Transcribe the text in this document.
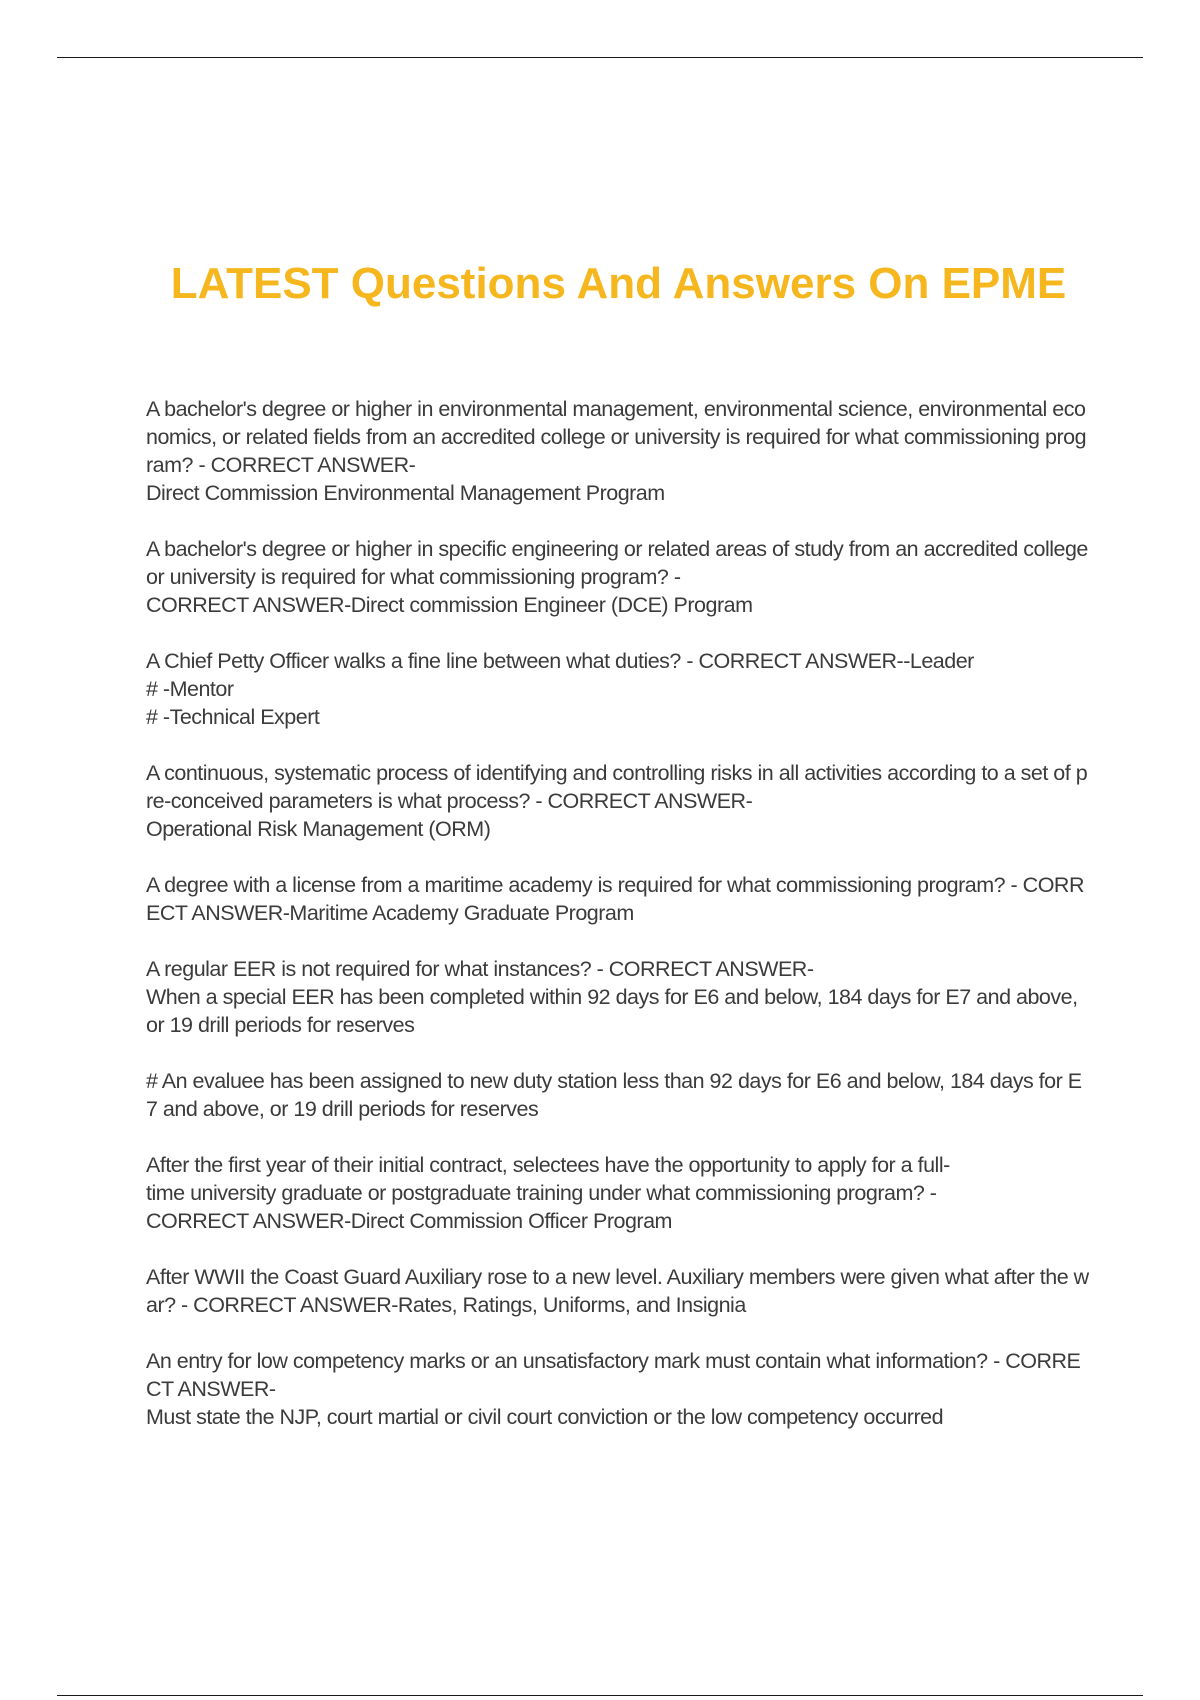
LATEST Questions And Answers On EPME

A bachelor's degree or higher in environmental management, environmental science, environmental economics, or related fields from an accredited college or university is required for what commissioning program? - CORRECT ANSWER-
Direct Commission Environmental Management Program

A bachelor's degree or higher in specific engineering or related areas of study from an accredited college or university is required for what commissioning program? -
CORRECT ANSWER-Direct commission Engineer (DCE) Program

A Chief Petty Officer walks a fine line between what duties? - CORRECT ANSWER--Leader
# -Mentor
# -Technical Expert

A continuous, systematic process of identifying and controlling risks in all activities according to a set of pre-conceived parameters is what process? - CORRECT ANSWER-
Operational Risk Management (ORM)

A degree with a license from a maritime academy is required for what commissioning program? - CORRECT ANSWER-Maritime Academy Graduate Program

A regular EER is not required for what instances? - CORRECT ANSWER-
When a special EER has been completed within 92 days for E6 and below, 184 days for E7 and above, or 19 drill periods for reserves

# An evaluee has been assigned to new duty station less than 92 days for E6 and below, 184 days for E7 and above, or 19 drill periods for reserves

After the first year of their initial contract, selectees have the opportunity to apply for a full-
time university graduate or postgraduate training under what commissioning program? -
CORRECT ANSWER-Direct Commission Officer Program

After WWII the Coast Guard Auxiliary rose to a new level. Auxiliary members were given what after the war? - CORRECT ANSWER-Rates, Ratings, Uniforms, and Insignia

An entry for low competency marks or an unsatisfactory mark must contain what information? - CORRECT ANSWER-
Must state the NJP, court martial or civil court conviction or the low competency occurred
